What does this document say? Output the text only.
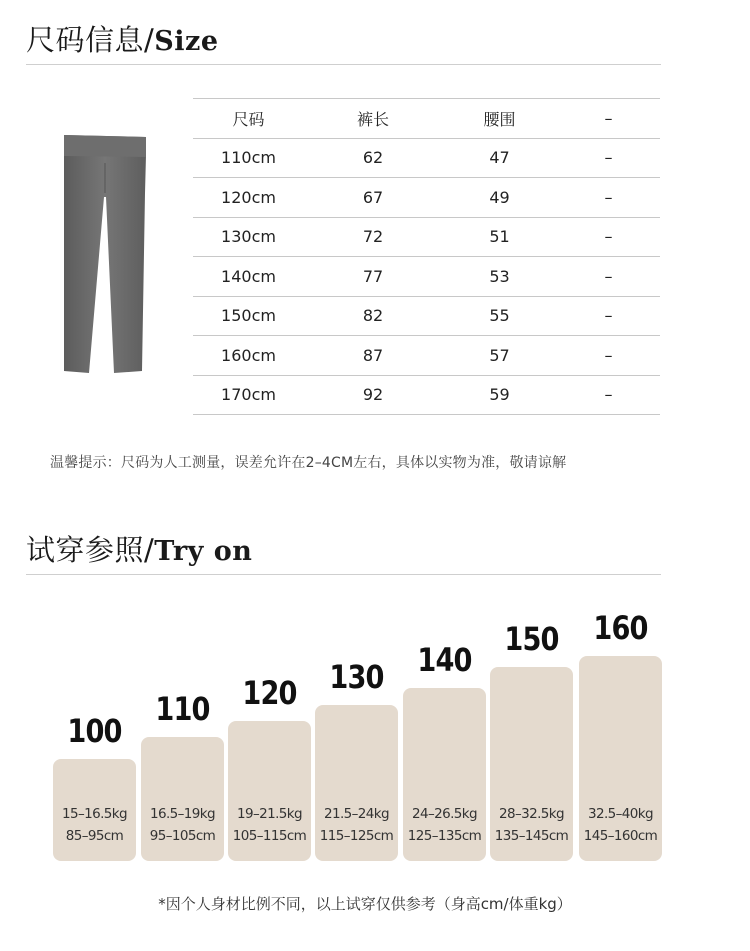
尺码信息/Size
尺码	裤长	腰围	–
110cm	62	47	–
120cm	67	49	–
130cm	72	51	–
140cm	77	53	–
150cm	82	55	–
160cm	87	57	–
170cm	92	59	–
温馨提示：尺码为人工测量，误差允许在2–4CM左右，具体以实物为准，敬请谅解
试穿参照/Try on
100
15–16.5kg
85–95cm
110
16.5–19kg
95–105cm
120
19–21.5kg
105–115cm
130
21.5–24kg
115–125cm
140
24–26.5kg
125–135cm
150
28–32.5kg
135–145cm
160
32.5–40kg
145–160cm
*因个人身材比例不同，以上试穿仅供参考（身高cm/体重kg）
